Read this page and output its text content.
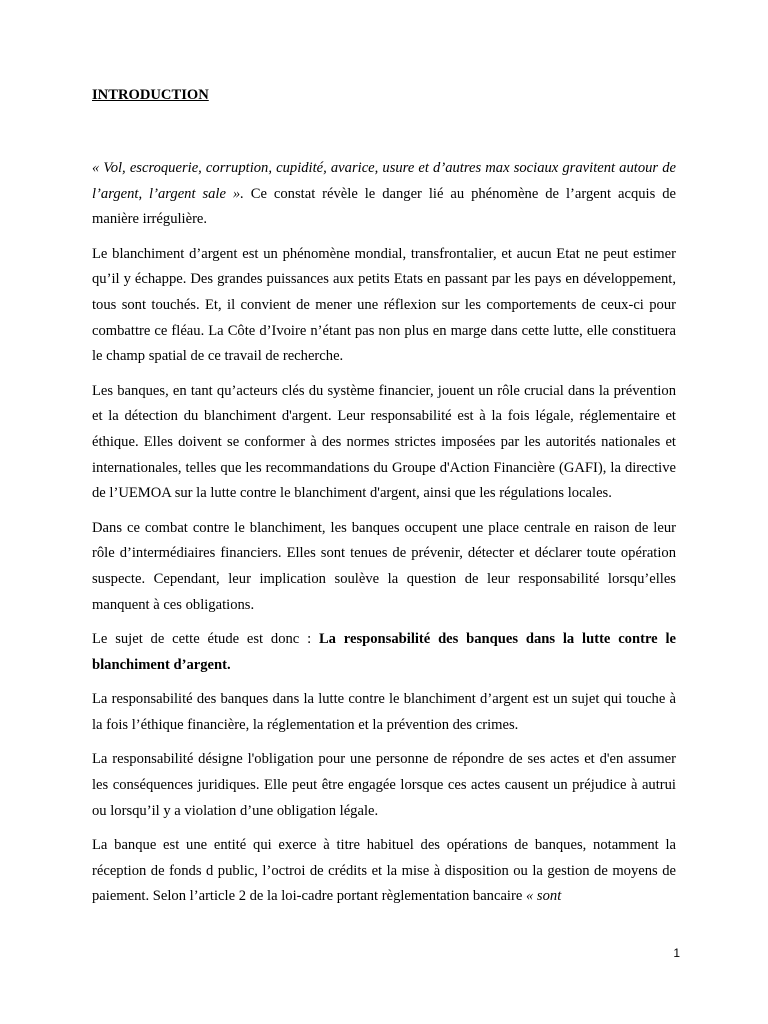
INTRODUCTION

« Vol, escroquerie, corruption, cupidité, avarice, usure et d’autres max sociaux gravitent autour de l’argent, l’argent sale ». Ce constat révèle le danger lié au phénomène de l’argent acquis de manière irrégulière.

Le blanchiment d’argent est un phénomène mondial, transfrontalier, et aucun Etat ne peut estimer qu’il y échappe. Des grandes puissances aux petits Etats en passant par les pays en développement, tous sont touchés. Et, il convient de mener une réflexion sur les comportements de ceux-ci pour combattre ce fléau. La Côte d’Ivoire n’étant pas non plus en marge dans cette lutte, elle constituera le champ spatial de ce travail de recherche.

Les banques, en tant qu’acteurs clés du système financier, jouent un rôle crucial dans la prévention et la détection du blanchiment d'argent. Leur responsabilité est à la fois légale, réglementaire et éthique. Elles doivent se conformer à des normes strictes imposées par les autorités nationales et internationales, telles que les recommandations du Groupe d'Action Financière (GAFI), la directive de l’UEMOA sur la lutte contre le blanchiment d'argent, ainsi que les régulations locales.

Dans ce combat contre le blanchiment, les banques occupent une place centrale en raison de leur rôle d’intermédiaires financiers. Elles sont tenues de prévenir, détecter et déclarer toute opération suspecte. Cependant, leur implication soulève la question de leur responsabilité lorsqu’elles manquent à ces obligations.

Le sujet de cette étude est donc : La responsabilité des banques dans la lutte contre le blanchiment d’argent.

La responsabilité des banques dans la lutte contre le blanchiment d’argent est un sujet qui touche à la fois l’éthique financière, la réglementation et la prévention des crimes.

La responsabilité désigne l'obligation pour une personne de répondre de ses actes et d'en assumer les conséquences juridiques. Elle peut être engagée lorsque ces actes causent un préjudice à autrui ou lorsqu’il y a violation d’une obligation légale.

La banque est une entité qui exerce à titre habituel des opérations de banques, notamment la réception de fonds d public, l’octroi de crédits et la mise à disposition ou la gestion de moyens de paiement. Selon l’article 2 de la loi-cadre portant règlementation bancaire « sont

1
